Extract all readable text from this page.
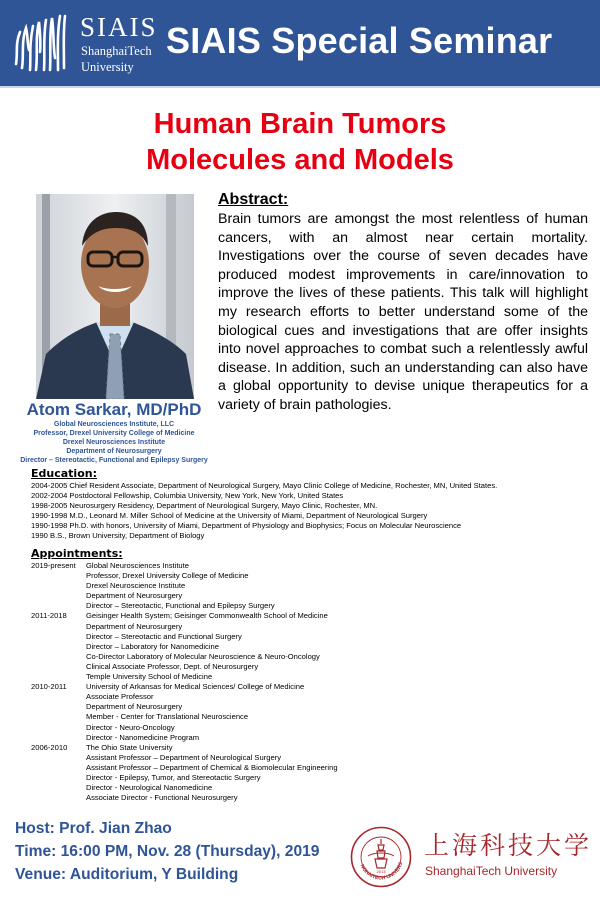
SIAIS
ShanghaiTech
University
SIAIS Special Seminar
Human Brain Tumors
Molecules and Models
Atom Sarkar, MD/PhD
Global Neurosciences Institute, LLC
Professor, Drexel University College of Medicine
Drexel Neurosciences Institute
Department of Neurosurgery
Director – Stereotactic, Functional and Epilepsy Surgery
Abstract:
Brain tumors are amongst the most relentless of human cancers, with an almost near certain mortality. Investigations over the course of seven decades have produced modest improvements in care/innovation to improve the lives of these patients. This talk will highlight my research efforts to better understand some of the biological cues and investigations that are offer insights into novel approaches to combat such a relentlessly awful disease. In addition, such an understanding can also have a global opportunity to devise unique therapeutics for a variety of brain pathologies.
Education:
2004-2005 Chief Resident Associate, Department of Neurological Surgery, Mayo Clinic College of Medicine, Rochester, MN, United States.
2002-2004 Postdoctoral Fellowship, Columbia University, New York, New York, United States
1998-2005 Neurosurgery Residency, Department of Neurological Surgery, Mayo Clinic, Rochester, MN.
1990-1998 M.D., Leonard M. Miller School of Medicine at the University of Miami, Department of Neurological Surgery
1990-1998 Ph.D. with honors, University of Miami, Department of Physiology and Biophysics; Focus on Molecular Neuroscience
1990 B.S., Brown University, Department of Biology
Appointments:
2019-present Global Neurosciences Institute
Professor, Drexel University College of Medicine
Drexel Neuroscience Institute
Department of Neurosurgery
Director – Stereotactic, Functional and Epilepsy Surgery
2011-2018	Geisinger Health System; Geisinger Commonwealth School of Medicine
Department of Neurosurgery
Director – Stereotactic and Functional Surgery
Director – Laboratory for Nanomedicine
Co-Director Laboratory of Molecular Neuroscience & Neuro-Oncology
Clinical Associate Professor, Dept. of Neurosurgery
Temple University School of Medicine
2010-2011	University of Arkansas for Medical Sciences/ College of Medicine
Associate Professor
Department of Neurosurgery
Member - Center for Translational Neuroscience
Director - Neuro-Oncology
Director - Nanomedicine Program
2006-2010 The Ohio State University
Assistant Professor – Department of Neurological Surgery
Assistant Professor – Department of Chemical & Biomolecular Engineering
Director - Epilepsy, Tumor, and Stereotactic Surgery
Director - Neurological Nanomedicine
Associate Director - Functional Neurosurgery
Host: Prof. Jian Zhao
Time: 16:00 PM, Nov. 28 (Thursday), 2019
Venue: Auditorium, Y Building	NGHAITECH UNIVERS
2013
上海科技大学
ShanghaiTech University
